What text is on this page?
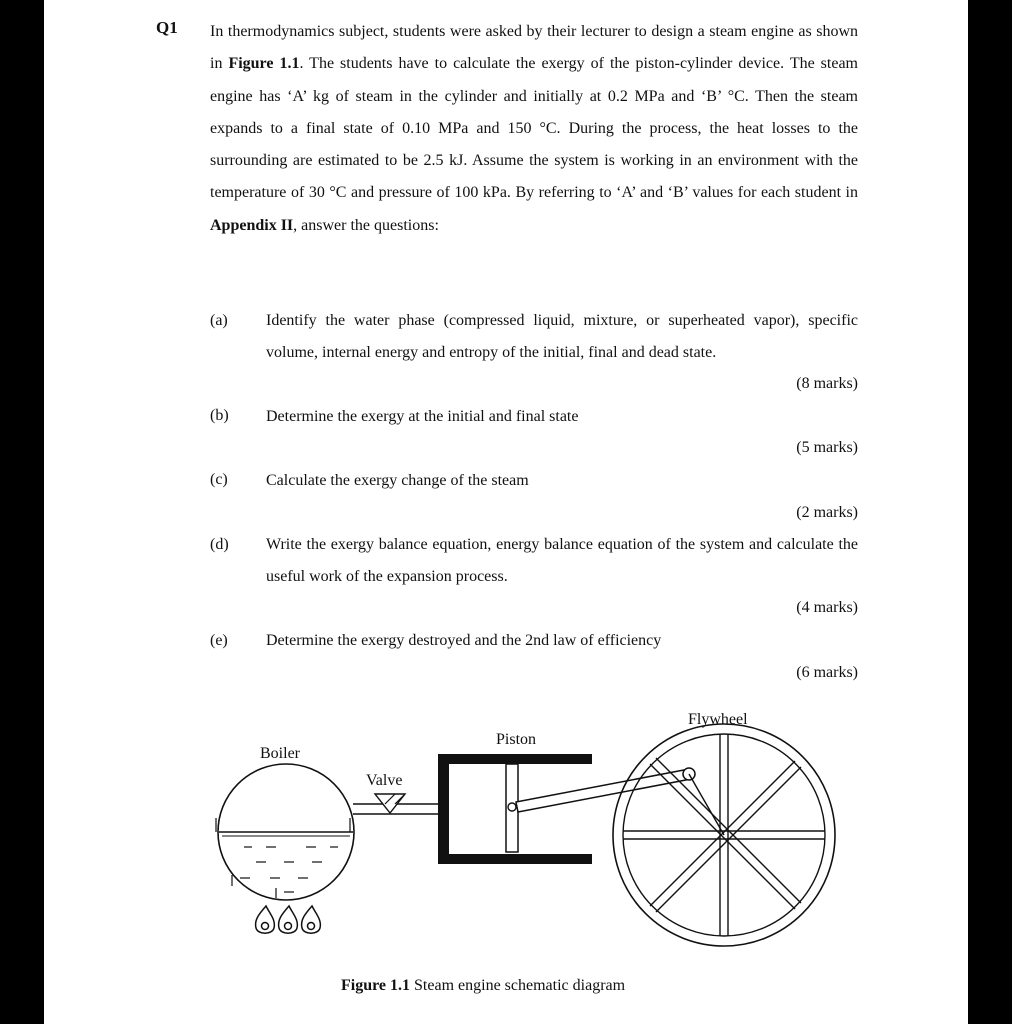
Q1 In thermodynamics subject, students were asked by their lecturer to design a steam engine as shown in Figure 1.1. The students have to calculate the exergy of the piston-cylinder device. The steam engine has ‘A’ kg of steam in the cylinder and initially at 0.2 MPa and ‘B’ °C. Then the steam expands to a final state of 0.10 MPa and 150 °C. During the process, the heat losses to the surrounding are estimated to be 2.5 kJ. Assume the system is working in an environment with the temperature of 30 °C and pressure of 100 kPa. By referring to ‘A’ and ‘B’ values for each student in Appendix II, answer the questions:
(a) Identify the water phase (compressed liquid, mixture, or superheated vapor), specific volume, internal energy and entropy of the initial, final and dead state.
(8 marks)
(b) Determine the exergy at the initial and final state
(5 marks)
(c) Calculate the exergy change of the steam
(2 marks)
(d) Write the exergy balance equation, energy balance equation of the system and calculate the useful work of the expansion process.
(4 marks)
(e) Determine the exergy destroyed and the 2nd law of efficiency
(6 marks)
Boiler
Valve
Piston
Flywheel
Figure 1.1 Steam engine schematic diagram
